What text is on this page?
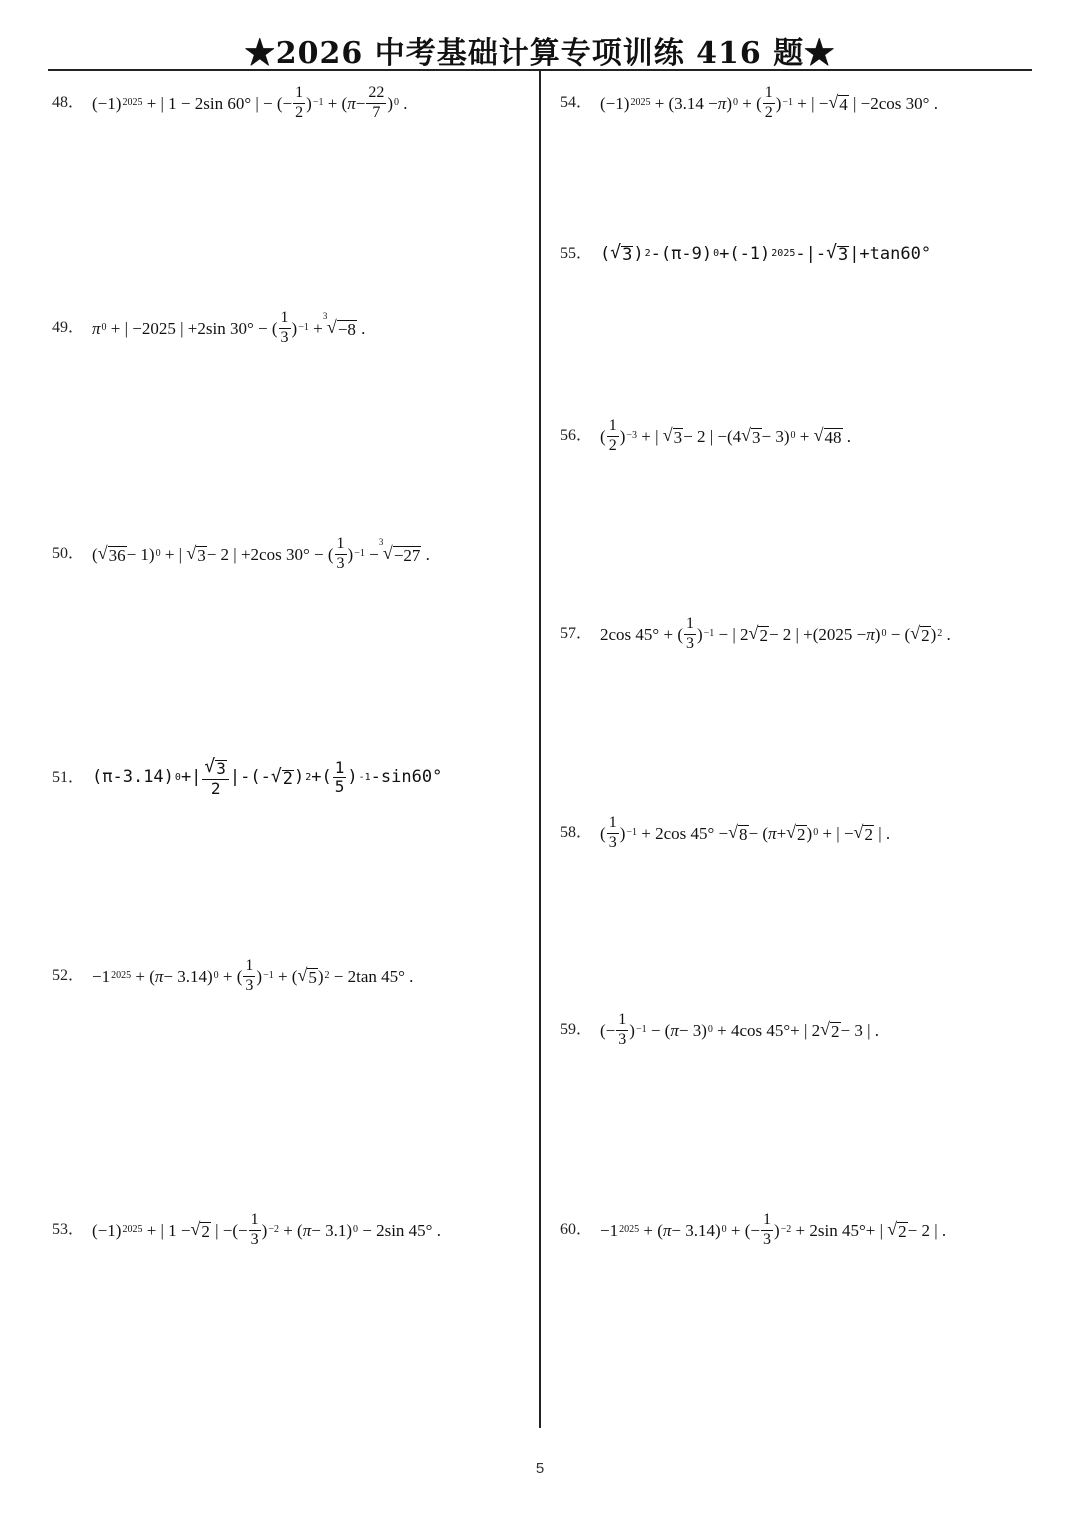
★2026 中考基础计算专项训练 416 题★
48． (−1) 2025 + | 1 − 2sin 60° | − (− $\frac{1}{2}$ ) −1 + ( $\pi - \frac{22}{7}$ ) 0 .
49． π 0 + | −2025 | +2sin 30° − ( $\frac{1}{3}$ ) −1 +
3
√ −8 .
50． ( √ 36 − 1) 0 + | √ 3 − 2 | +2cos 30° − ( $\frac{1}{3}$ ) −1 −
3
√ −27 .
51． (π-3.14) 0 +| $\frac{√ 3}{2}$ |-(- √ 2 ) 2 +( $\frac{1}{5}$ ) -1 -sin60°
52． −1 2025 + ( π − 3.14) 0 + ( $\frac{1}{3}$ ) −1 + ( √ 5 ) 2 − 2tan 45° .
53． (−1) 2025 + | 1 − √ 2 | −(− $\frac{1}{3}$ ) −2 + ( π − 3.1) 0 − 2sin 45° .
54． (−1) 2025 + (3.14 − π ) 0 + ( $\frac{1}{2}$ ) −1 + | − √ 4 | −2cos 30° .
55． ( √ 3 ) 2 -(π-9) 0 +(-1) 2025 -|- √ 3 |+tan60°
56． ( $\frac{1}{2}$ ) −3 + | √ 3 − 2 | −(4 √ 3 − 3) 0 + √ 48 .
57． 2cos 45° + ( $\frac{1}{3}$ ) −1 − | 2 √ 2 − 2 | +(2025 − π ) 0 − ( √ 2 ) 2 .
58． ( $\frac{1}{3}$ ) −1 + 2cos 45° − √ 8 − ( π + √ 2 ) 0 + | − √ 2 | .
59． (− $\frac{1}{3}$ ) −1 − ( π − 3) 0 + 4cos 45°+ | 2 √ 2 − 3 | .
60． −1 2025 + ( π − 3.14) 0 + (− $\frac{1}{3}$ ) −2 + 2sin 45°+ | √ 2 − 2 | .
5
